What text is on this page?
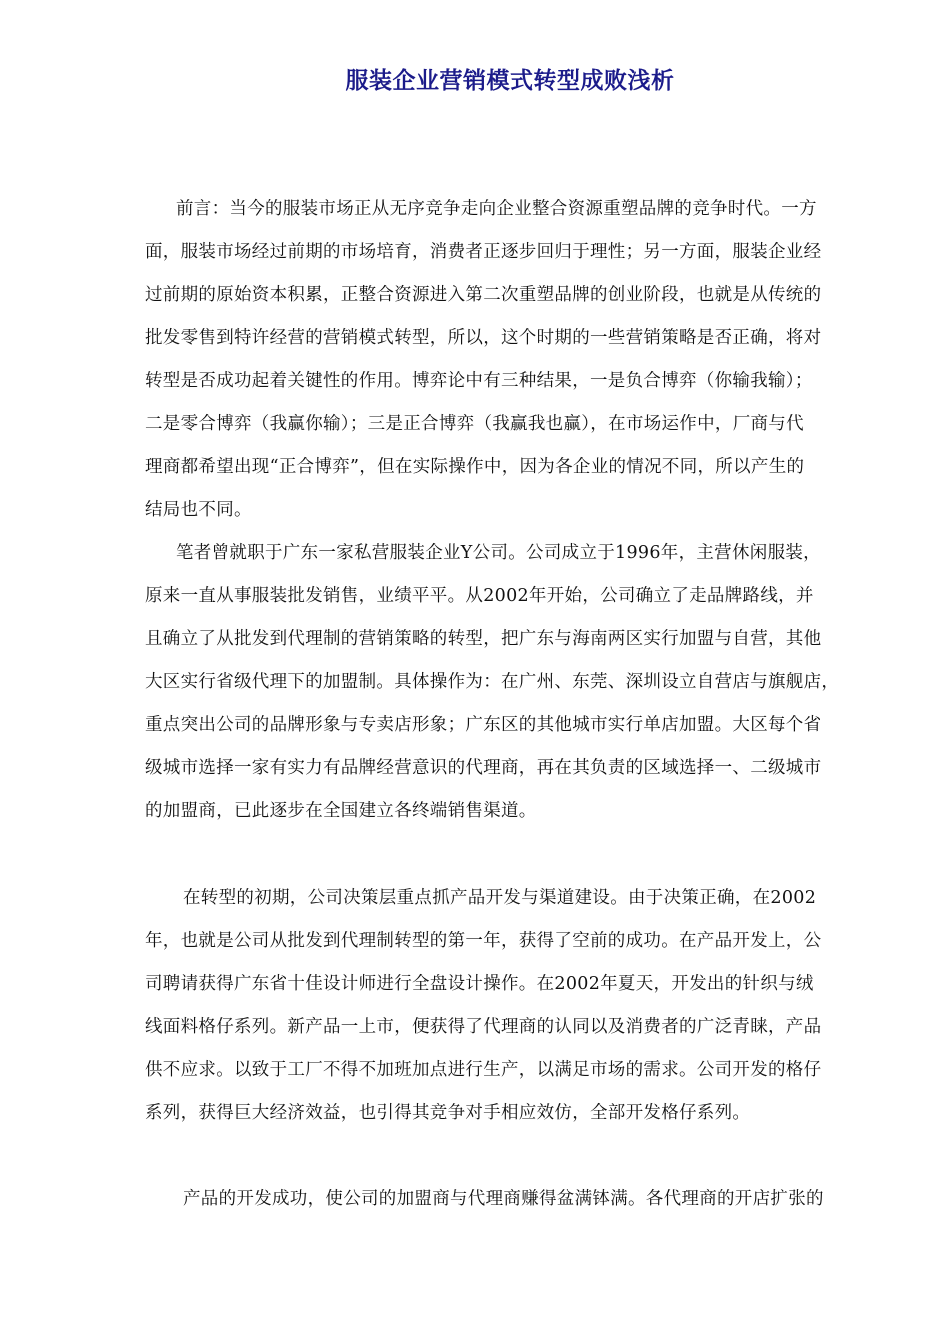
服装企业营销模式转型成败浅析
前言：当今的服装市场正从无序竞争走向企业整合资源重塑品牌的竞争时代。一方
面，服装市场经过前期的市场培育，消费者正逐步回归于理性；另一方面，服装企业经
过前期的原始资本积累，正整合资源进入第二次重塑品牌的创业阶段，也就是从传统的
批发零售到特许经营的营销模式转型，所以，这个时期的一些营销策略是否正确，将对
转型是否成功起着关键性的作用。博弈论中有三种结果，一是负合博弈（你输我输）；
二是零合博弈（我赢你输）；三是正合博弈（我赢我也赢），在市场运作中，厂商与代
理商都希望出现“正合博弈”，但在实际操作中，因为各企业的情况不同，所以产生的
结局也不同。
笔者曾就职于广东一家私营服装企业Y公司。公司成立于1996年，主营休闲服装，
原来一直从事服装批发销售，业绩平平。从2002年开始，公司确立了走品牌路线，并
且确立了从批发到代理制的营销策略的转型，把广东与海南两区实行加盟与自营，其他
大区实行省级代理下的加盟制。具体操作为：在广州、东莞、深圳设立自营店与旗舰店，
重点突出公司的品牌形象与专卖店形象；广东区的其他城市实行单店加盟。大区每个省
级城市选择一家有实力有品牌经营意识的代理商，再在其负责的区域选择一、二级城市
的加盟商，已此逐步在全国建立各终端销售渠道。
在转型的初期，公司决策层重点抓产品开发与渠道建设。由于决策正确，在2002
年，也就是公司从批发到代理制转型的第一年，获得了空前的成功。在产品开发上，公
司聘请获得广东省十佳设计师进行全盘设计操作。在2002年夏天，开发出的针织与绒
线面料格仔系列。新产品一上市，便获得了代理商的认同以及消费者的广泛青睐，产品
供不应求。以致于工厂不得不加班加点进行生产，以满足市场的需求。公司开发的格仔
系列，获得巨大经济效益，也引得其竞争对手相应效仿，全部开发格仔系列。
产品的开发成功，使公司的加盟商与代理商赚得盆满钵满。各代理商的开店扩张的
